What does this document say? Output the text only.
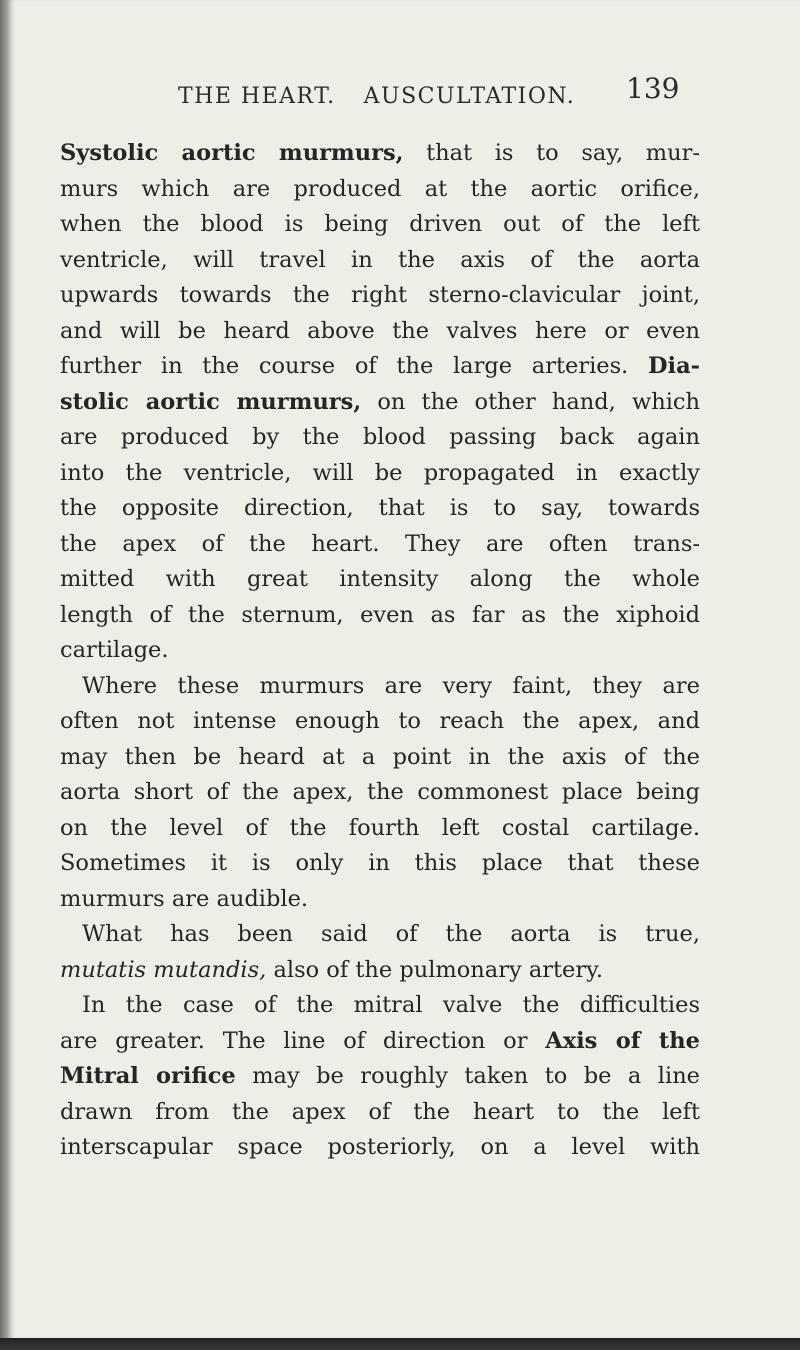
THE HEART. AUSCULTATION. 139
Systolic aortic murmurs, that is to say, mur-
murs which are produced at the aortic orifice,
when the blood is being driven out of the left
ventricle, will travel in the axis of the aorta
upwards towards the right sterno-clavicular joint,
and will be heard above the valves here or even
further in the course of the large arteries. Dia-
stolic aortic murmurs, on the other hand, which
are produced by the blood passing back again
into the ventricle, will be propagated in exactly
the opposite direction, that is to say, towards
the apex of the heart. They are often trans-
mitted with great intensity along the whole
length of the sternum, even as far as the xiphoid
cartilage.
Where these murmurs are very faint, they are
often not intense enough to reach the apex, and
may then be heard at a point in the axis of the
aorta short of the apex, the commonest place being
on the level of the fourth left costal cartilage.
Sometimes it is only in this place that these
murmurs are audible.
What has been said of the aorta is true,
mutatis mutandis, also of the pulmonary artery.
In the case of the mitral valve the difficulties
are greater. The line of direction or Axis of the
Mitral orifice may be roughly taken to be a line
drawn from the apex of the heart to the left
interscapular space posteriorly, on a level with
